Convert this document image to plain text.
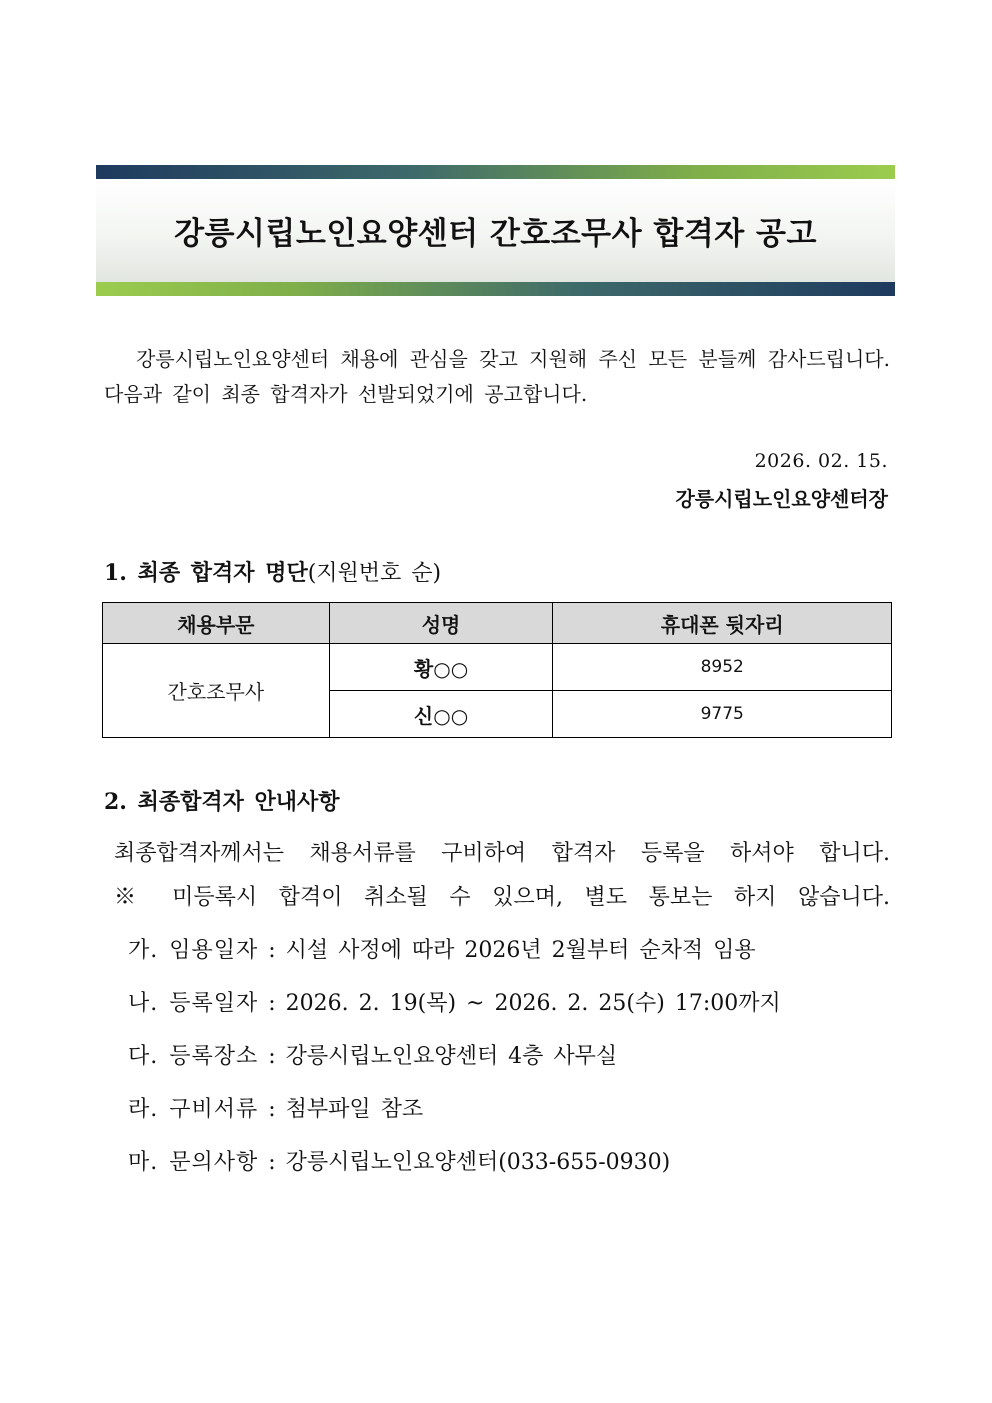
강릉시립노인요양센터 간호조무사 합격자 공고

강릉시립노인요양센터 채용에 관심을 갖고 지원해 주신 모든 분들께 감사드립니다. 다음과 같이 최종 합격자가 선발되었기에 공고합니다.

2026. 02. 15.
강릉시립노인요양센터장
1. 최종 합격자 명단(지원번호 순)
채용부문	성명	휴대폰 뒷자리
간호조무사	황○○	8952
	신○○	9775
2. 최종합격자 안내사항
최종합격자께서는 채용서류를 구비하여 합격자 등록을 하셔야 합니다.
※ 미등록시 합격이 취소될 수 있으며, 별도 통보는 하지 않습니다.
가. 임용일자 : 시설 사정에 따라 2026년 2월부터 순차적 임용
나. 등록일자 : 2026. 2. 19(목) ~ 2026. 2. 25(수) 17:00까지
다. 등록장소 : 강릉시립노인요양센터 4층 사무실
라. 구비서류 : 첨부파일 참조
마. 문의사항 : 강릉시립노인요양센터(033-655-0930)
